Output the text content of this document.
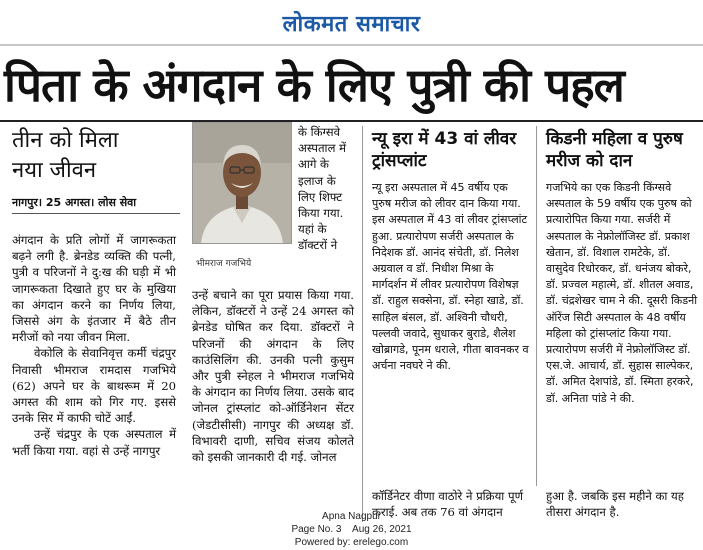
लोकमत समाचार
पिता के अंगदान के लिए पुत्री की पहल
तीन को मिला
नया जीवन
नागपुर। 25 अगस्त। लोस सेवा

अंगदान के प्रति लोगों में जागरूकता बढ़ने लगी है. ब्रेनडेड व्यक्ति की पत्नी, पुत्री व परिजनों ने दु:ख की घड़ी में भी जागरूकता दिखाते हुए घर के मुखिया का अंगदान करने का निर्णय लिया, जिससे अंग के इंतजार में बैठे तीन मरीजों को नया जीवन मिला.

वेकोलि के सेवानिवृत्त कर्मी चंद्रपुर निवासी भीमराज रामदास गजभिये (62) अपने घर के बाथरूम में 20 अगस्त की शाम को गिर गए. इससे उनके सिर में काफी चोटें आईं.

उन्हें चंद्रपुर के एक अस्पताल में भर्ती किया गया. वहां से उन्हें नागपुर

भीमराज गजभिये
के किंग्सवे अस्पताल में आगे के इलाज के लिए शिफ्ट किया गया. यहां के डॉक्टरों ने

उन्हें बचाने का पूरा प्रयास किया गया. लेकिन, डॉक्टरों ने उन्हें 24 अगस्त को ब्रेनडेड घोषित कर दिया. डॉक्टरों ने परिजनों की अंगदान के लिए काउंसिलिंग की. उनकी पत्नी कुसुम और पुत्री स्नेहल ने भीमराज गजभिये के अंगदान का निर्णय लिया. उसके बाद जोनल ट्रांस्प्लांट को-ऑर्डिनेशन सेंटर (जेडटीसीसी) नागपुर की अध्यक्ष डॉ. विभावरी दाणी, सचिव संजय कोलते को इसकी जानकारी दी गई. जोनल

न्यू इरा में 43 वां लीवर ट्रांसप्लांट

न्यू इरा अस्पताल में 45 वर्षीय एक पुरुष मरीज को लीवर दान किया गया. इस अस्पताल में 43 वां लीवर ट्रांसप्लांट हुआ. प्रत्यारोपण सर्जरी अस्पताल के निदेशक डॉ. आनंद संचेती, डॉ. निलेश अग्रवाल व डॉ. निधीश मिश्रा के मार्गदर्शन में लीवर प्रत्यारोपण विशेषज्ञ डॉ. राहुल सक्सेना, डॉ. स्नेहा खाडे, डॉ. साहिल बंसल, डॉ. अश्विनी चौधरी, पल्लवी जवादे, सुधाकर बुराडे, शैलेश खोब्रागडे, पूनम धराले, गीता बावनकर व अर्चना नवघरे ने की.

किडनी महिला व पुरुष मरीज को दान

गजभिये का एक किडनी किंग्सवे अस्पताल के 59 वर्षीय एक पुरुष को प्रत्यारोपित किया गया. सर्जरी में अस्पताल के नेफ्रोलॉजिस्ट डॉ. प्रकाश खेतान, डॉ. विशाल रामटेके, डॉ. वासुदेव रिधोरकर, डॉ. धनंजय बोकरे, डॉ. प्रज्वल महात्मे, डॉ. शीतल अवाड, डॉ. चंद्रशेखर चाम ने की. दूसरी किडनी ऑरेंज सिटी अस्पताल के 48 वर्षीय महिला को ट्रांसप्लांट किया गया. प्रत्यारोपण सर्जरी में नेफ्रोलॉजिस्ट डॉ. एस.जे. आचार्य, डॉ. सुहास साल्पेकर, डॉ. अमित देशपांडे, डॉ. स्मिता हरकरे, डॉ. अनिता पांडे ने की.

कॉर्डिनेटर वीणा वाठोरे ने प्रक्रिया पूर्ण कराई. अब तक 76 वां अंगदान
हुआ है. जबकि इस महीने का यह तीसरा अंगदान है.
Apna Nagpur
Page No. 3    Aug 26, 2021
Powered by: erelego.com
